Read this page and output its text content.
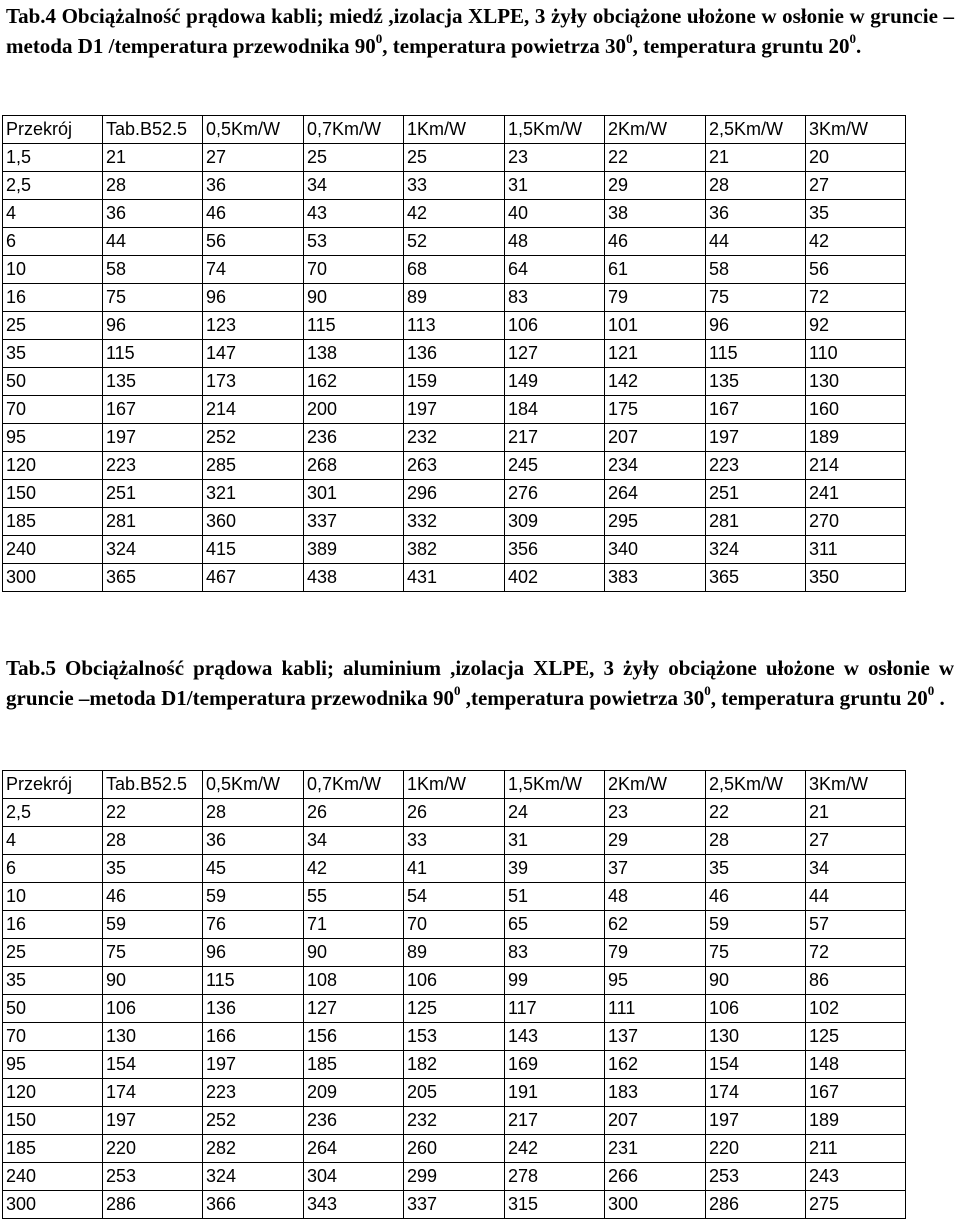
Tab.4 Obciążalność prądowa kabli; miedź ,izolacja XLPE, 3 żyły obciążone ułożone w osłonie w gruncie –metoda D1 /temperatura przewodnika $90^0$, temperatura powietrza $30^0$, temperatura gruntu $20^0$.

Przekrój	Tab.B52.5	0,5Km/W	0,7Km/W	1Km/W	1,5Km/W	2Km/W	2,5Km/W	3Km/W
1,5	21	27	25	25	23	22	21	20
2,5	28	36	34	33	31	29	28	27
4	36	46	43	42	40	38	36	35
6	44	56	53	52	48	46	44	42
10	58	74	70	68	64	61	58	56
16	75	96	90	89	83	79	75	72
25	96	123	115	113	106	101	96	92
35	115	147	138	136	127	121	115	110
50	135	173	162	159	149	142	135	130
70	167	214	200	197	184	175	167	160
95	197	252	236	232	217	207	197	189
120	223	285	268	263	245	234	223	214
150	251	321	301	296	276	264	251	241
185	281	360	337	332	309	295	281	270
240	324	415	389	382	356	340	324	311
300	365	467	438	431	402	383	365	350

Tab.5 Obciążalność prądowa kabli; aluminium ,izolacja XLPE, 3 żyły obciążone ułożone w osłonie w gruncie –metoda D1/temperatura przewodnika $90^0$ ,temperatura powietrza $30^0$, temperatura gruntu $20^0$ .

Przekrój	Tab.B52.5	0,5Km/W	0,7Km/W	1Km/W	1,5Km/W	2Km/W	2,5Km/W	3Km/W
2,5	22	28	26	26	24	23	22	21
4	28	36	34	33	31	29	28	27
6	35	45	42	41	39	37	35	34
10	46	59	55	54	51	48	46	44
16	59	76	71	70	65	62	59	57
25	75	96	90	89	83	79	75	72
35	90	115	108	106	99	95	90	86
50	106	136	127	125	117	111	106	102
70	130	166	156	153	143	137	130	125
95	154	197	185	182	169	162	154	148
120	174	223	209	205	191	183	174	167
150	197	252	236	232	217	207	197	189
185	220	282	264	260	242	231	220	211
240	253	324	304	299	278	266	253	243
300	286	366	343	337	315	300	286	275
